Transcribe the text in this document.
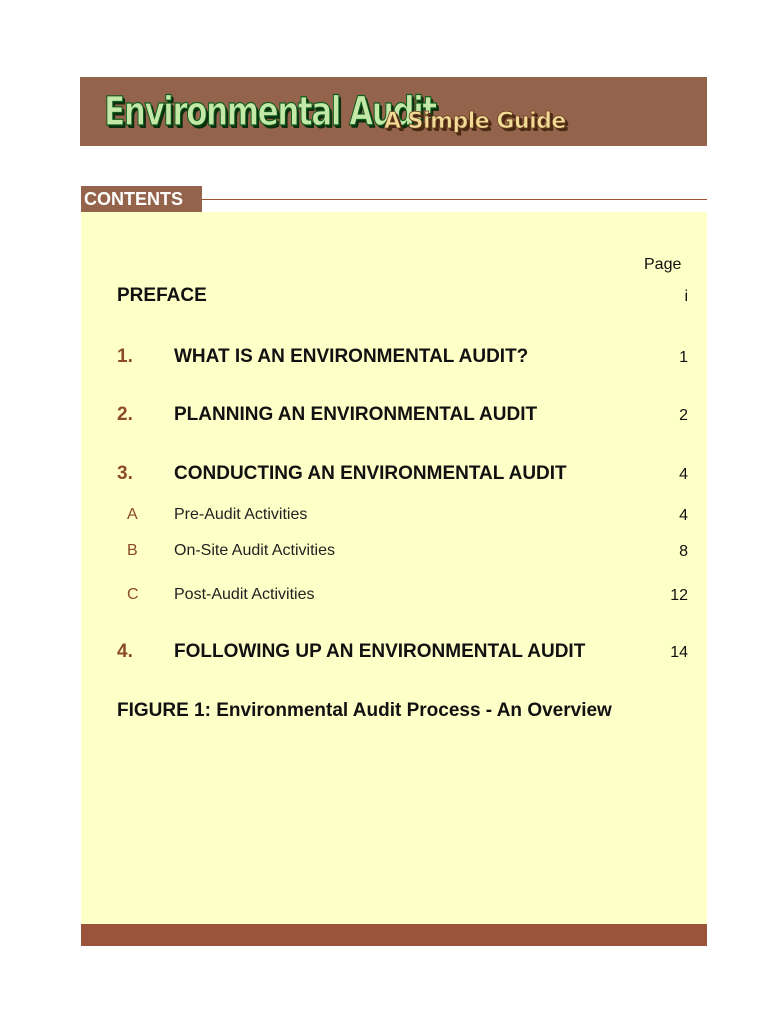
Environmental Audit
A Simple Guide
CONTENTS
Page
PREFACE	i
1. WHAT IS AN ENVIRONMENTAL AUDIT?	1
2. PLANNING AN ENVIRONMENTAL AUDIT	2
3. CONDUCTING AN ENVIRONMENTAL AUDIT	4
A Pre-Audit Activities	4
B On-Site Audit Activities	8
C Post-Audit Activities	12
4. FOLLOWING UP AN ENVIRONMENTAL AUDIT	14
FIGURE 1: Environmental Audit Process - An Overview
